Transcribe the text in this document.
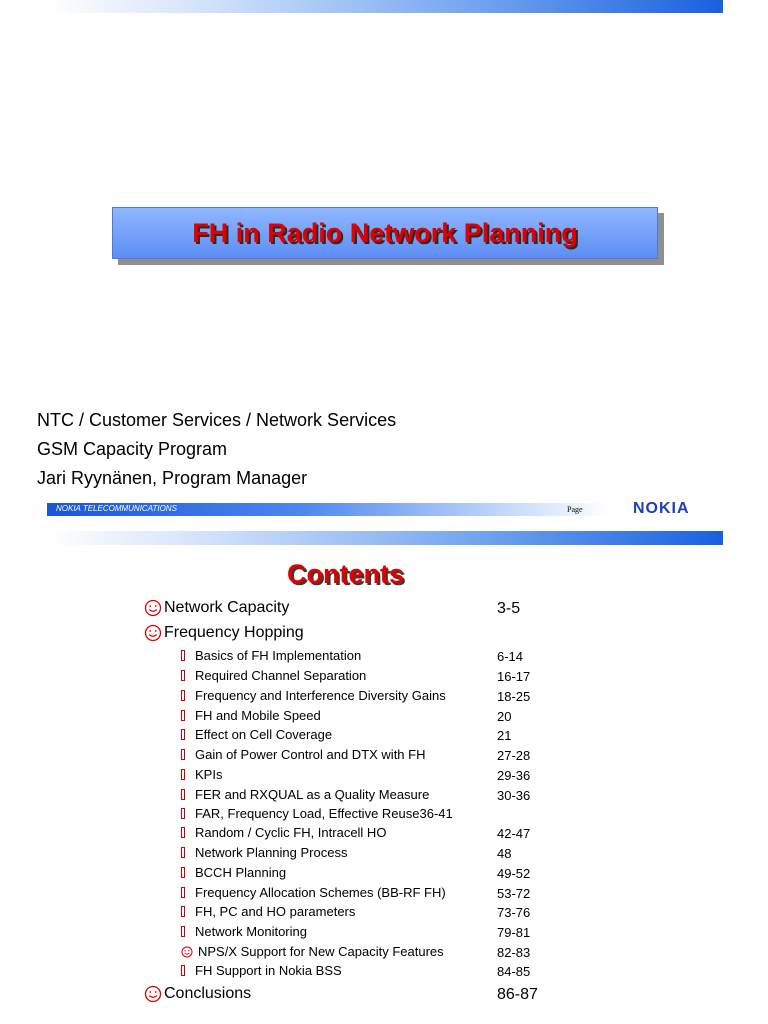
FH in Radio Network Planning
NTC / Customer Services / Network Services
GSM Capacity Program
Jari Ryynänen, Program Manager
NOKIA TELECOMMUNICATIONS	Page	NOKIA
Contents
Network Capacity	3-5
Frequency Hopping
Basics of FH Implementation	6-14
Required Channel Separation	16-17
Frequency and Interference Diversity Gains	18-25
FH and Mobile Speed	20
Effect on Cell Coverage	21
Gain of Power Control and DTX with FH	27-28
KPIs	29-36
FER and RXQUAL as a Quality Measure	30-36
FAR, Frequency Load, Effective Reuse36-41
Random / Cyclic FH, Intracell HO	42-47
Network Planning Process	48
BCCH Planning	49-52
Frequency Allocation Schemes (BB-RF FH)	53-72
FH, PC and HO parameters	73-76
Network Monitoring	79-81
NPS/X Support for New Capacity Features	82-83
FH Support in Nokia BSS	84-85
Conclusions	86-87
